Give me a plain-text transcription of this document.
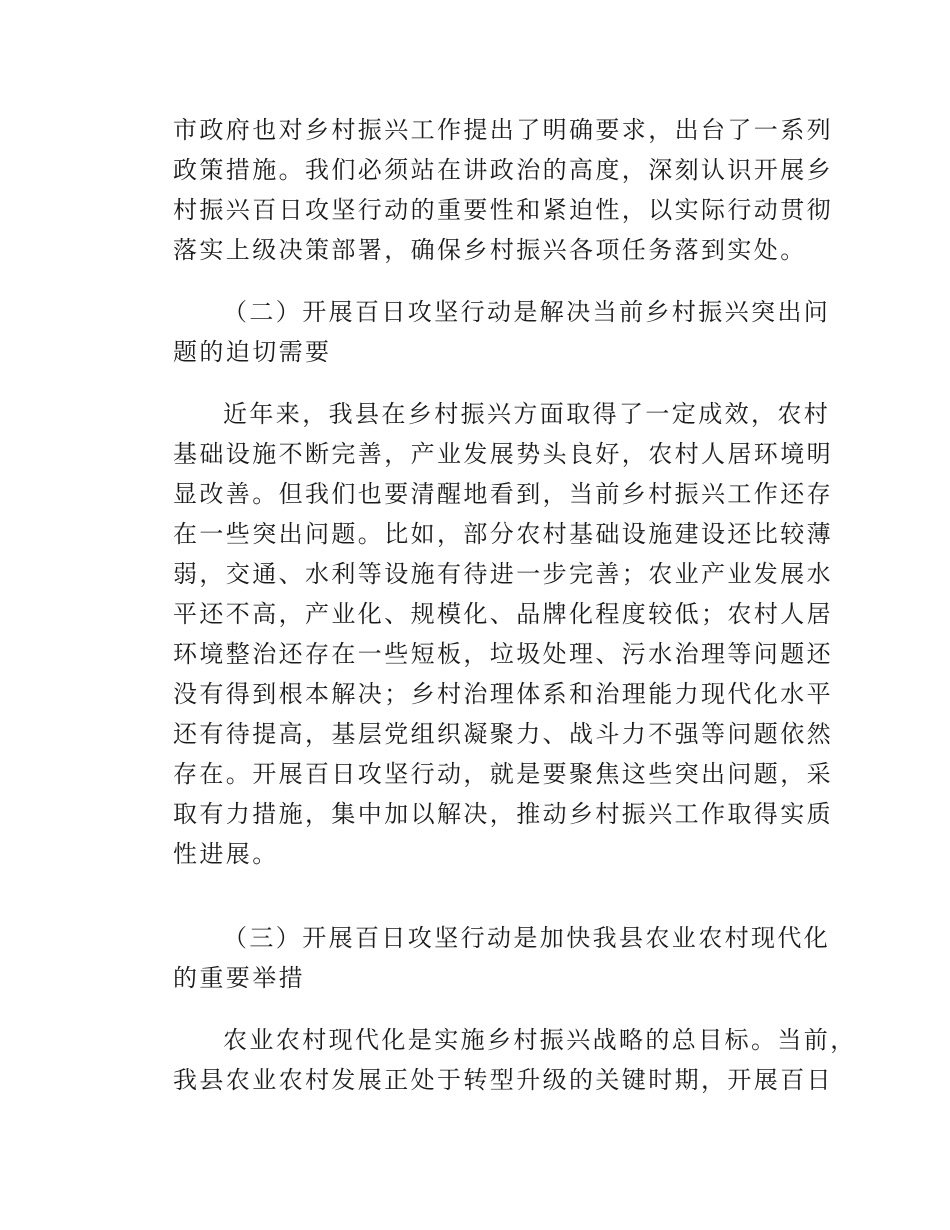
市政府也对乡村振兴工作提出了明确要求，出台了一系列
政策措施。我们必须站在讲政治的高度，深刻认识开展乡
村振兴百日攻坚行动的重要性和紧迫性，以实际行动贯彻
落实上级决策部署，确保乡村振兴各项任务落到实处。
（二）开展百日攻坚行动是解决当前乡村振兴突出问
题的迫切需要
近年来，我县在乡村振兴方面取得了一定成效，农村
基础设施不断完善，产业发展势头良好，农村人居环境明
显改善。但我们也要清醒地看到，当前乡村振兴工作还存
在一些突出问题。比如，部分农村基础设施建设还比较薄
弱，交通、水利等设施有待进一步完善；农业产业发展水
平还不高，产业化、规模化、品牌化程度较低；农村人居
环境整治还存在一些短板，垃圾处理、污水治理等问题还
没有得到根本解决；乡村治理体系和治理能力现代化水平
还有待提高，基层党组织凝聚力、战斗力不强等问题依然
存在。开展百日攻坚行动，就是要聚焦这些突出问题，采
取有力措施，集中加以解决，推动乡村振兴工作取得实质
性进展。
（三）开展百日攻坚行动是加快我县农业农村现代化
的重要举措
农业农村现代化是实施乡村振兴战略的总目标。当前，
我县农业农村发展正处于转型升级的关键时期，开展百日
